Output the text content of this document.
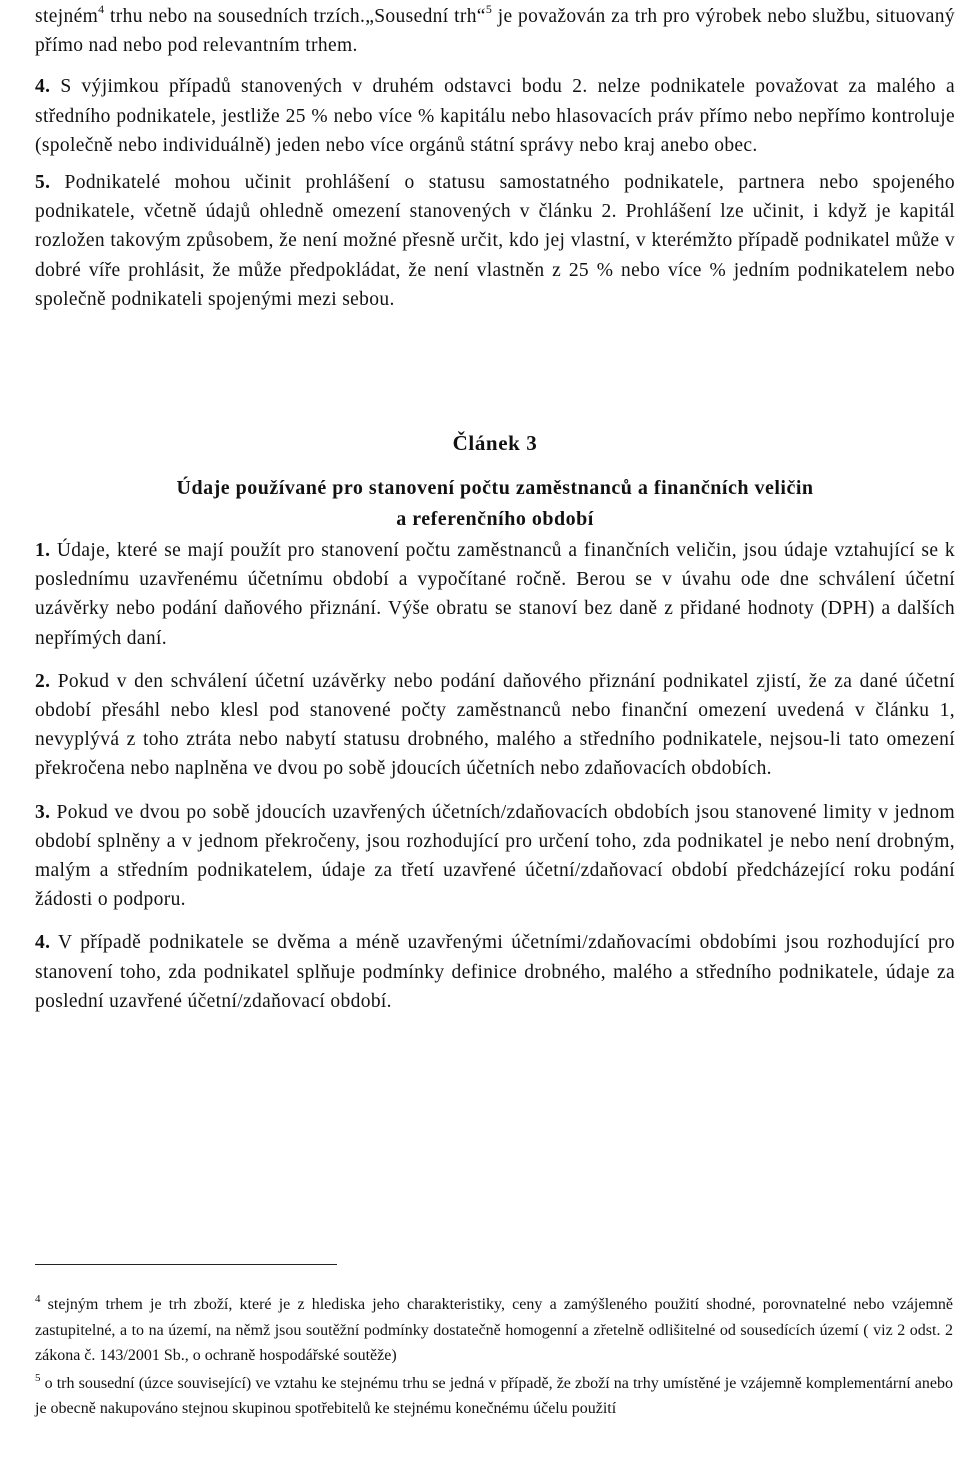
stejném$^4$ trhu nebo na sousedních trzích.„Sousední trh“$^5$ je považován za trh pro výrobek nebo službu, situovaný přímo nad nebo pod relevantním trhem.

4. S výjimkou případů stanovených v druhém odstavci bodu 2. nelze podnikatele považovat za malého a středního podnikatele, jestliže 25 % nebo více % kapitálu nebo hlasovacích práv přímo nebo nepřímo kontroluje (společně nebo individuálně) jeden nebo více orgánů státní správy nebo kraj anebo obec.

5. Podnikatelé mohou učinit prohlášení o statusu samostatného podnikatele, partnera nebo spojeného podnikatele, včetně údajů ohledně omezení stanovených v článku 2. Prohlášení lze učinit, i když je kapitál rozložen takovým způsobem, že není možné přesně určit, kdo jej vlastní, v kterémžto případě podnikatel může v dobré víře prohlásit, že může předpokládat, že není vlastněn z 25 % nebo více % jedním podnikatelem nebo společně podnikateli spojenými mezi sebou.

Článek 3

Údaje používané pro stanovení počtu zaměstnanců a finančních veličin
a referenčního období

1. Údaje, které se mají použít pro stanovení počtu zaměstnanců a finančních veličin, jsou údaje vztahující se k poslednímu uzavřenému účetnímu období a vypočítané ročně. Berou se v úvahu ode dne schválení účetní uzávěrky nebo podání daňového přiznání. Výše obratu se stanoví bez daně z přidané hodnoty (DPH) a dalších nepřímých daní.

2. Pokud v den schválení účetní uzávěrky nebo podání daňového přiznání podnikatel zjistí, že za dané účetní období přesáhl nebo klesl pod stanovené počty zaměstnanců nebo finanční omezení uvedená v článku 1, nevyplývá z toho ztráta nebo nabytí statusu drobného, malého a středního podnikatele, nejsou-li tato omezení překročena nebo naplněna ve dvou po sobě jdoucích účetních nebo zdaňovacích obdobích.

3. Pokud ve dvou po sobě jdoucích uzavřených účetních/zdaňovacích obdobích jsou stanovené limity v jednom období splněny a v jednom překročeny, jsou rozhodující pro určení toho, zda podnikatel je nebo není drobným, malým a středním podnikatelem, údaje za třetí uzavřené účetní/zdaňovací období předcházející roku podání žádosti o podporu.

4. V případě podnikatele se dvěma a méně uzavřenými účetními/zdaňovacími obdobími jsou rozhodující pro stanovení toho, zda podnikatel splňuje podmínky definice drobného, malého a středního podnikatele, údaje za poslední uzavřené účetní/zdaňovací období.

$^4$ stejným trhem je trh zboží, které je z hlediska jeho charakteristiky, ceny a zamýšleného použití shodné, porovnatelné nebo vzájemně zastupitelné, a to na území, na němž jsou soutěžní podmínky dostatečně homogenní a zřetelně odlišitelné od sousedících území ( viz 2 odst. 2 zákona č. 143/2001 Sb., o ochraně hospodářské soutěže)

$^5$ o trh sousední (úzce související) ve vztahu ke stejnému trhu se jedná v případě, že zboží na trhy umístěné je vzájemně komplementární anebo je obecně nakupováno stejnou skupinou spotřebitelů ke stejnému konečnému účelu použití
